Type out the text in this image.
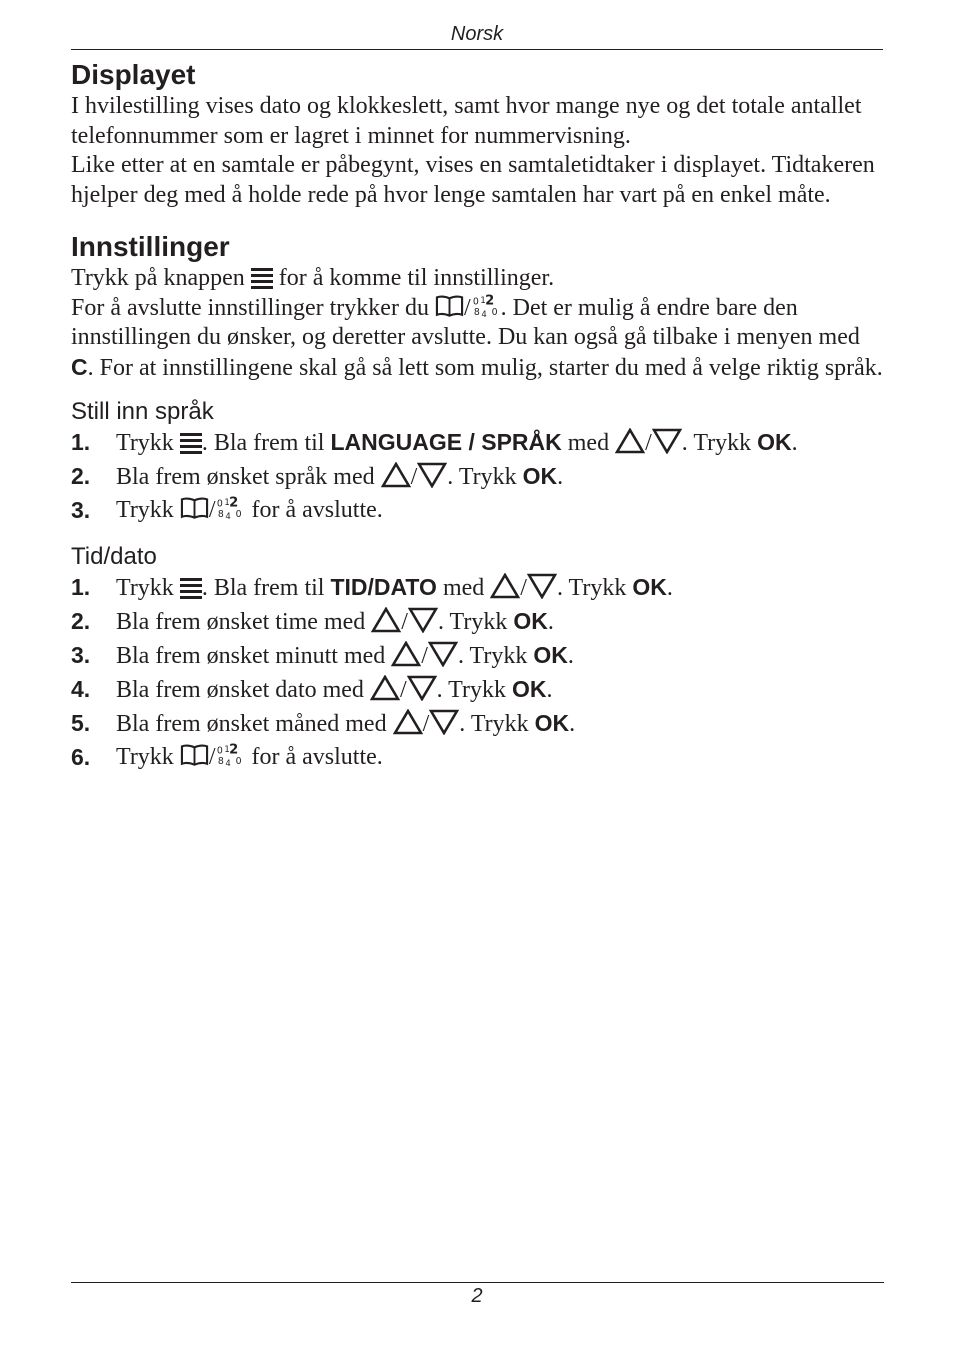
Norsk
Displayet

I hvilestilling vises dato og klokkeslett, samt hvor mange nye og det totale antallet telefonnummer som er lagret i minnet for nummervisning.

Like etter at en samtale er påbegynt, vises en samtaletidtaker i displayet. Tidtakeren hjelper deg med å holde rede på hvor lenge samtalen har vart på en enkel måte.

Innstillinger

Trykk på knappen
for å komme til innstillinger.

For å avslutte innstillinger trykker du
/ . Det er mulig å endre bare den innstillingen du ønsker, og deretter avslutte. Du kan også gå tilbake i menyen med C. For at innstillingene skal gå så lett som mulig, starter du med å velge riktig språk.

Still inn språk
1. Trykk
. Bla frem til LANGUAGE / SPRÅK med
/ . Trykk OK.
2. Bla frem ønsket språk med
/ . Trykk OK.
3. Trykk
/
for å avslutte.
Tid/dato
1. Trykk
. Bla frem til TID/DATO med
/ . Trykk OK.
2. Bla frem ønsket time med
/ . Trykk OK.
3. Bla frem ønsket minutt med
/ . Trykk OK.
4. Bla frem ønsket dato med
/ . Trykk OK.
5. Bla frem ønsket måned med
/ . Trykk OK.
6. Trykk
/
for å avslutte.
2
